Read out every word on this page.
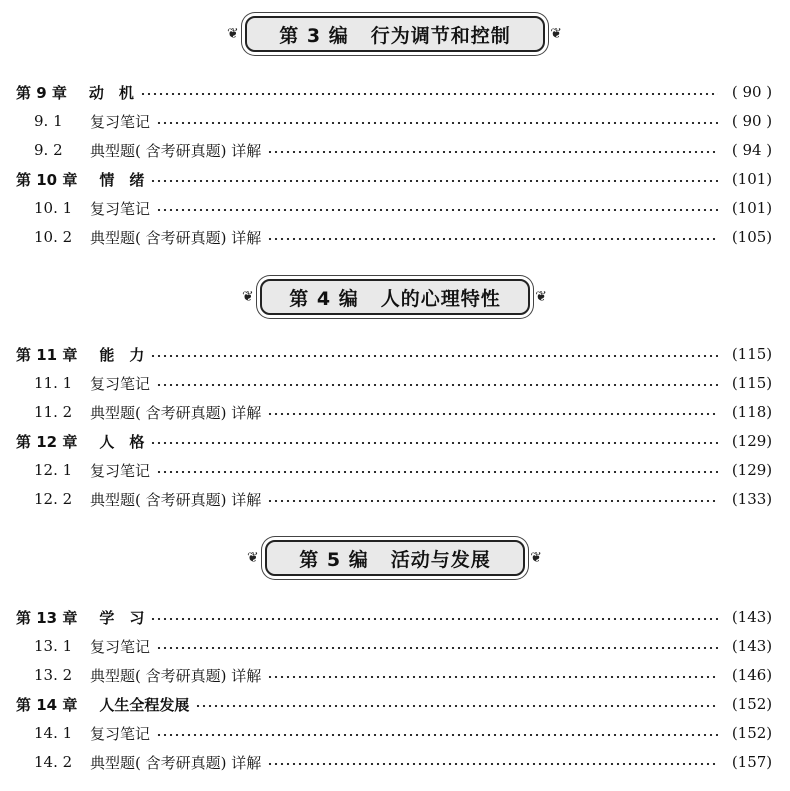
❦ 第 3 编 行为调节和控制	❦
第 9 章 动　机	( 90 )
9. 1	复习笔记	( 90 )
9. 2	典型题( 含考研真题) 详解	( 94 )
第 10 章 情　绪	(101)
10. 1	复习笔记	(101)
10. 2	典型题( 含考研真题) 详解	(105)
❦ 第 4 编 人的心理特性 ❦
第 11 章 能　力	(115)
11. 1	复习笔记	(115)
11. 2	典型题( 含考研真题) 详解	(118)
第 12 章 人　格	(129)
12. 1	复习笔记	(129)
12. 2	典型题( 含考研真题) 详解	(133)
❦ 第 5 编 活动与发展	❦
第 13 章 学　习	(143)
13. 1	复习笔记	(143)
13. 2	典型题( 含考研真题) 详解	(146)
第 14 章 人生全程发展	(152)
14. 1	复习笔记	(152)
14. 2	典型题( 含考研真题) 详解	(157)
